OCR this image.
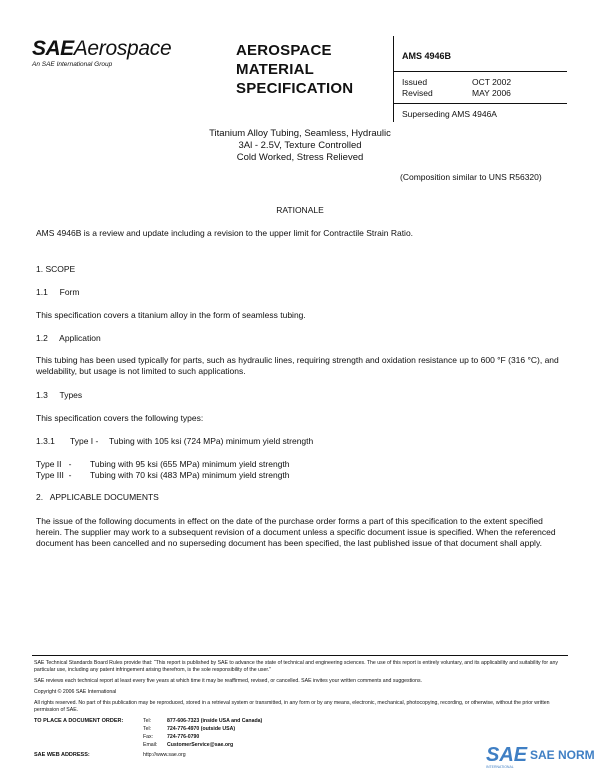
SAEAerospace
An SAE International Group
AEROSPACE
MATERIAL
SPECIFICATION
AMS 4946B
Issued	OCT 2002
Revised	MAY 2006
Superseding AMS 4946A
Titanium Alloy Tubing, Seamless, Hydraulic
3Al - 2.5V, Texture Controlled
Cold Worked, Stress Relieved
(Composition similar to UNS R56320)
RATIONALE
AMS 4946B is a review and update including a revision to the upper limit for Contractile Strain Ratio.
1. SCOPE
1.1     Form
This specification covers a titanium alloy in the form of seamless tubing.
1.2     Application
This tubing has been used typically for parts, such as hydraulic lines, requiring strength and oxidation resistance up to 600 °F (316 °C), and weldability, but usage is not limited to such applications.
1.3     Types
This specification covers the following types:
1.3.1 Type I - Tubing with 105 ksi (724 MPa) minimum yield strength
Type II   - Tubing with 95 ksi (655 MPa) minimum yield strength
Type III  - Tubing with 70 ksi (483 MPa) minimum yield strength
2.   APPLICABLE DOCUMENTS
The issue of the following documents in effect on the date of the purchase order forms a part of this specification to the extent specified herein. The supplier may work to a subsequent revision of a document unless a specific document issue is specified. When the referenced document has been cancelled and no superseding document has been specified, the last published issue of that document shall apply.
SAE Technical Standards Board Rules provide that: “This report is published by SAE to advance the state of technical and engineering sciences. The use of this report is entirely voluntary, and its applicability and suitability for any particular use, including any patent infringement arising therefrom, is the sole responsibility of the user.”
SAE reviews each technical report at least every five years at which time it may be reaffirmed, revised, or cancelled. SAE invites your written comments and suggestions.
Copyright © 2006 SAE International
All rights reserved. No part of this publication may be reproduced, stored in a retrieval system or transmitted, in any form or by any means, electronic, mechanical, photocopying, recording, or otherwise, without the prior written permission of SAE.
TO PLACE A DOCUMENT ORDER:	Tel:	877-606-7323 (inside USA and Canada)
Tel:	724-776-4970 (outside USA)
Fax:	724-776-0790
Email: CustomerService@sae.org
SAE WEB ADDRESS:	http://www.sae.org	SAE SAE NORM
INTERNATIONAL
